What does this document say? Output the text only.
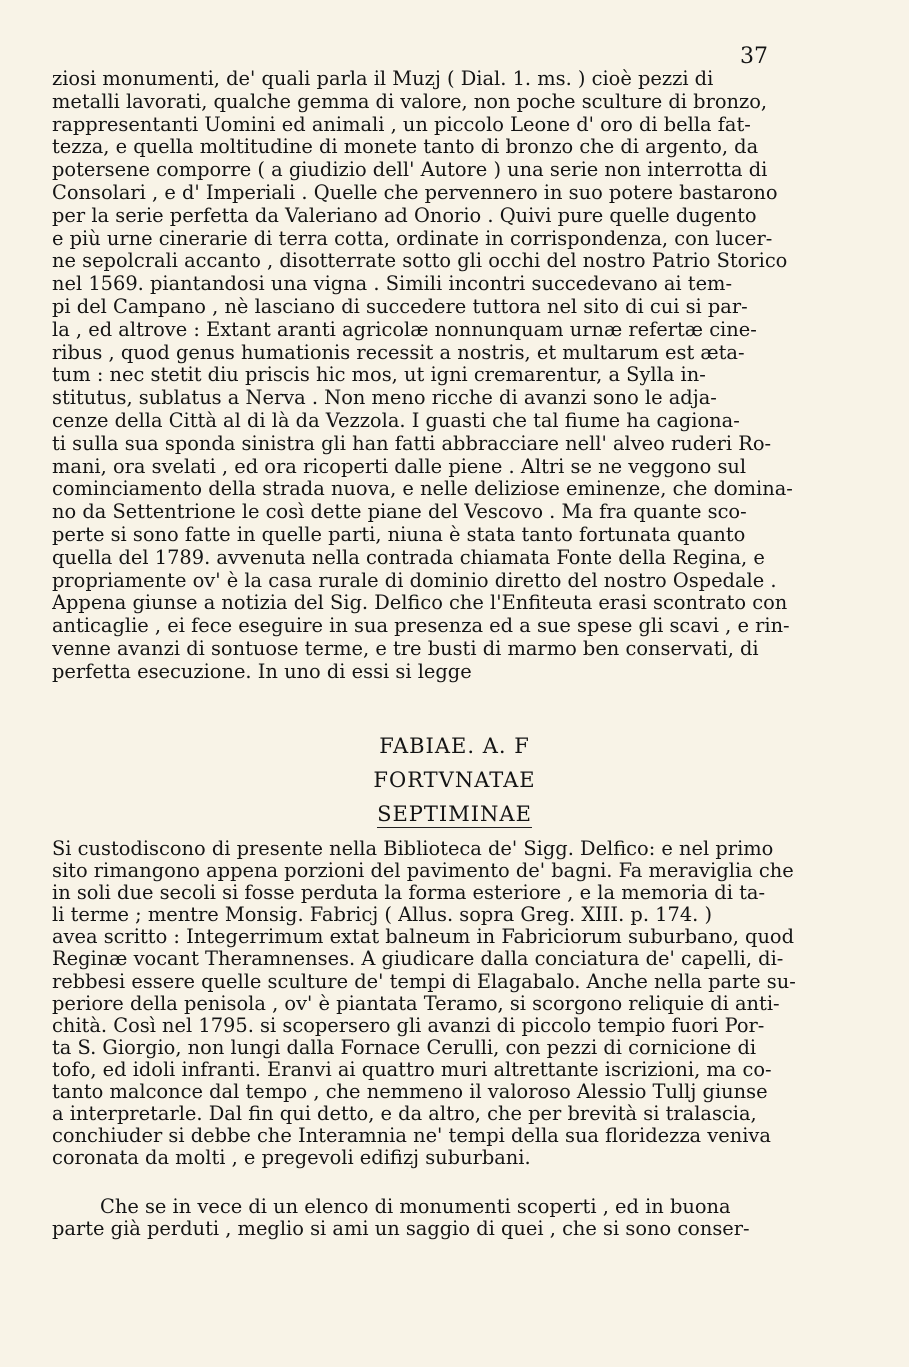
37
ziosi monumenti, de' quali parla il Muzj ( Dial. 1. ms. ) cioè pezzi di
metalli lavorati, qualche gemma di valore, non poche sculture di bronzo,
rappresentanti Uomini ed animali , un piccolo Leone d' oro di bella fat-
tezza, e quella moltitudine di monete tanto di bronzo che di argento, da
potersene comporre ( a giudizio dell' Autore ) una serie non interrotta di
Consolari , e d' Imperiali . Quelle che pervennero in suo potere bastarono
per la serie perfetta da Valeriano ad Onorio . Quivi pure quelle dugento
e più urne cinerarie di terra cotta, ordinate in corrispondenza, con lucer-
ne sepolcrali accanto , disotterrate sotto gli occhi del nostro Patrio Storico
nel 1569. piantandosi una vigna . Simili incontri succedevano ai tem-
pi del Campano , nè lasciano di succedere tuttora nel sito di cui si par-
la , ed altrove : Extant aranti agricolæ nonnunquam urnæ refertæ cine-
ribus , quod genus humationis recessit a nostris, et multarum est æta-
tum : nec stetit diu priscis hic mos, ut igni cremarentur, a Sylla in-
stitutus, sublatus a Nerva . Non meno ricche di avanzi sono le adja-
cenze della Città al di là da Vezzola. I guasti che tal fiume ha cagiona-
ti sulla sua sponda sinistra gli han fatti abbracciare nell' alveo ruderi Ro-
mani, ora svelati , ed ora ricoperti dalle piene . Altri se ne veggono sul
cominciamento della strada nuova, e nelle deliziose eminenze, che domina-
no da Settentrione le così dette piane del Vescovo . Ma fra quante sco-
perte si sono fatte in quelle parti, niuna è stata tanto fortunata quanto
quella del 1789. avvenuta nella contrada chiamata Fonte della Regina, e
propriamente ov' è la casa rurale di dominio diretto del nostro Ospedale .
Appena giunse a notizia del Sig. Delfico che l'Enfiteuta erasi scontrato con
anticaglie , ei fece eseguire in sua presenza ed a sue spese gli scavi , e rin-
venne avanzi di sontuose terme, e tre busti di marmo ben conservati, di
perfetta esecuzione. In uno di essi si legge
FABIAE. A. F
FORTVNATAE
SEPTIMINAE
Si custodiscono di presente nella Biblioteca de' Sigg. Delfico: e nel primo
sito rimangono appena porzioni del pavimento de' bagni. Fa meraviglia che
in soli due secoli si fosse perduta la forma esteriore , e la memoria di ta-
li terme ; mentre Monsig. Fabricj ( Allus. sopra Greg. XIII. p. 174. )
avea scritto : Integerrimum extat balneum in Fabriciorum suburbano, quod
Reginæ vocant Theramnenses. A giudicare dalla conciatura de' capelli, di-
rebbesi essere quelle sculture de' tempi di Elagabalo. Anche nella parte su-
periore della penisola , ov' è piantata Teramo, si scorgono reliquie di anti-
chità. Così nel 1795. si scopersero gli avanzi di piccolo tempio fuori Por-
ta S. Giorgio, non lungi dalla Fornace Cerulli, con pezzi di cornicione di
tofo, ed idoli infranti. Eranvi ai quattro muri altrettante iscrizioni, ma co-
tanto malconce dal tempo , che nemmeno il valoroso Alessio Tullj giunse
a interpretarle. Dal fin qui detto, e da altro, che per brevità si tralascia,
conchiuder si debbe che Interamnia ne' tempi della sua floridezza veniva
coronata da molti , e pregevoli edifizj suburbani.
Che se in vece di un elenco di monumenti scoperti , ed in buona
parte già perduti , meglio si ami un saggio di quei , che si sono conser-
